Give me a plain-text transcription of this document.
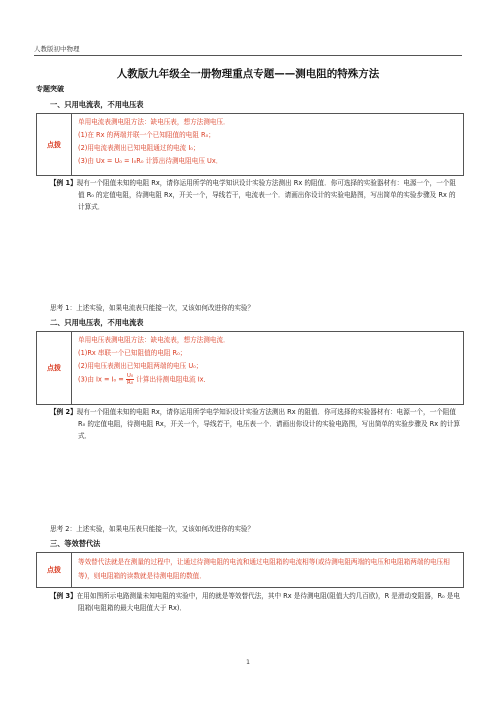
人教版初中物理
人教版九年级全一册物理重点专题——测电阻的特殊方法
专题突破
一、只用电流表，不用电压表
点拨
单用电流表测电阻方法：缺电压表，想方法测电压．
(1)在 Rx 的两端并联一个已知阻值的电阻 R₀；
(2)用电流表测出已知电阻通过的电流 I₀；
(3)由 Ux = U₀ = I₀R₀ 计算出待测电阻电压 Ux．
【例 1】现有一个阻值未知的电阻 Rx，请你运用所学的电学知识设计实验方法测出 Rx 的阻值．你可选择的实验器材有：电源一个，一个阻值 R₀ 的定值电阻，待测电阻 Rx，开关一个，导线若干，电流表一个．请画出你设计的实验电路图，写出简单的实验步骤及 Rx 的计算式．
思考 1：上述实验，如果电流表只能接一次，又该如何改进你的实验？
二、只用电压表，不用电流表
点拨
单用电压表测电阻方法：缺电流表，想方法测电流．
(1)Rx 串联一个已知阻值的电阻 R₀；
(2)用电压表测出已知电阻两端的电压 U₀；
(3)由 $Ix = I_0 = \frac{\text{U₀}}{\text{R₀}}$ 计算出待测电阻电流 Ix．
【例 2】现有一个阻值未知的电阻 Rx，请你运用所学电学知识设计实验方法测出 Rx 的阻值．你可选择的实验器材有：电源一个，一个阻值 R₀ 的定值电阻，待测电阻 Rx，开关一个，导线若干，电压表一个．请画出你设计的实验电路图，写出简单的实验步骤及 Rx 的计算式．
思考 2：上述实验，如果电压表只能接一次，又该如何改进你的实验？
三、等效替代法
点拨
等效替代法就是在测量的过程中，让通过待测电阻的电流和通过电阻箱的电流相等(或待测电阻两端的电压和电阻箱两端的电压相等)，则电阻箱的读数就是待测电阻的数值．
【例 3】在用如图所示电路测量未知电阻的实验中，用的就是等效替代法，其中 Rx 是待测电阻(阻值大约几百欧)，R 是滑动变阻器，R₀ 是电阻箱(电阻箱的最大电阻值大于 Rx)．
1
